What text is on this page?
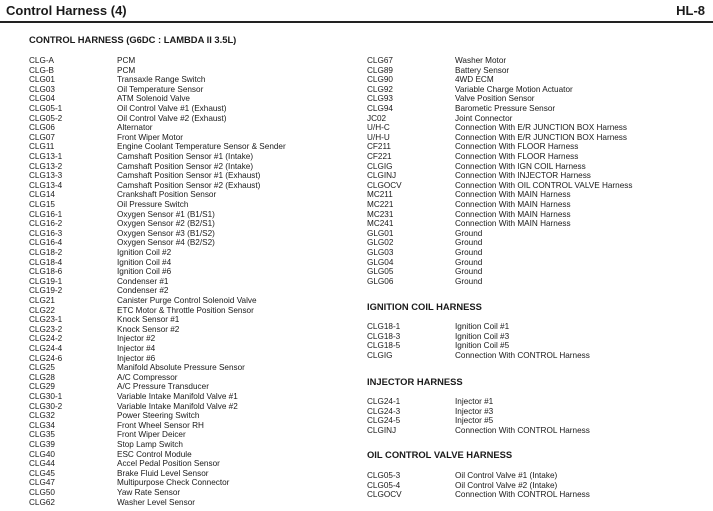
Control Harness (4)	HL-8
CONTROL HARNESS (G6DC : LAMBDA II 3.5L)
IGNITION COIL HARNESS
INJECTOR HARNESS
OIL CONTROL VALVE HARNESS
CLG-A	PCM
CLG-B	PCM
CLG01	Transaxle Range Switch
CLG03	Oil Temperature Sensor
CLG04	ATM Solenoid Valve
CLG05-1	Oil Control Valve #1 (Exhaust)
CLG05-2	Oil Control Valve #2 (Exhaust)
CLG06	Alternator
CLG07	Front Wiper Motor
CLG11	Engine Coolant Temperature Sensor & Sender
CLG13-1	Camshaft Position Sensor #1 (Intake)
CLG13-2	Camshaft Position Sensor #2 (Intake)
CLG13-3	Camshaft Position Sensor #1 (Exhaust)
CLG13-4	Camshaft Position Sensor #2 (Exhaust)
CLG14	Crankshaft Position Sensor
CLG15	Oil Pressure Switch
CLG16-1	Oxygen Sensor #1 (B1/S1)
CLG16-2	Oxygen Sensor #2 (B2/S1)
CLG16-3	Oxygen Sensor #3 (B1/S2)
CLG16-4	Oxygen Sensor #4 (B2/S2)
CLG18-2	Ignition Coil #2
CLG18-4	Ignition Coil #4
CLG18-6	Ignition Coil #6
CLG19-1	Condenser #1
CLG19-2	Condenser #2
CLG21	Canister Purge Control Solenoid Valve
CLG22	ETC Motor & Throttle Position Sensor
CLG23-1	Knock Sensor #1
CLG23-2	Knock Sensor #2
CLG24-2	Injector #2
CLG24-4	Injector #4
CLG24-6	Injector #6
CLG25	Manifold Absolute Pressure Sensor
CLG28	A/C Compressor
CLG29	A/C Pressure Transducer
CLG30-1	Variable Intake Manifold Valve #1
CLG30-2	Variable Intake Manifold Valve #2
CLG32	Power Steering Switch
CLG34	Front Wheel Sensor RH
CLG35	Front Wiper Deicer
CLG39	Stop Lamp Switch
CLG40	ESC Control Module
CLG44	Accel Pedal Position Sensor
CLG45	Brake Fluid Level Sensor
CLG47	Multipurpose Check Connector
CLG50	Yaw Rate Sensor
CLG62	Washer Level Sensor
CLG67	Washer Motor
CLG89	Battery Sensor
CLG90	4WD ECM
CLG92	Variable Charge Motion Actuator
CLG93	Valve Position Sensor
CLG94	Barometic Pressure Sensor
JC02	Joint Connector
U/H-C	Connection With E/R JUNCTION BOX Harness
U/H-U	Connection With E/R JUNCTION BOX Harness
CF211	Connection With FLOOR Harness
CF221	Connection With FLOOR Harness
CLGIG	Connection With IGN COIL Harness
CLGINJ	Connection With INJECTOR Harness
CLGOCV	Connection With OIL CONTROL VALVE Harness
MC211	Connection With MAIN Harness
MC221	Connection With MAIN Harness
MC231	Connection With MAIN Harness
MC241	Connection With MAIN Harness
GLG01	Ground
GLG02	Ground
GLG03	Ground
GLG04	Ground
GLG05	Ground
GLG06	Ground
CLG18-1	Ignition Coil #1
CLG18-3	Ignition Coil #3
CLG18-5	Ignition Coil #5
CLGIG	Connection With CONTROL Harness
CLG24-1	Injector #1
CLG24-3	Injector #3
CLG24-5	Injector #5
CLGINJ	Connection With CONTROL Harness
CLG05-3	Oil Control Valve #1 (Intake)
CLG05-4	Oil Control Valve #2 (Intake)
CLGOCV	Connection With CONTROL Harness
